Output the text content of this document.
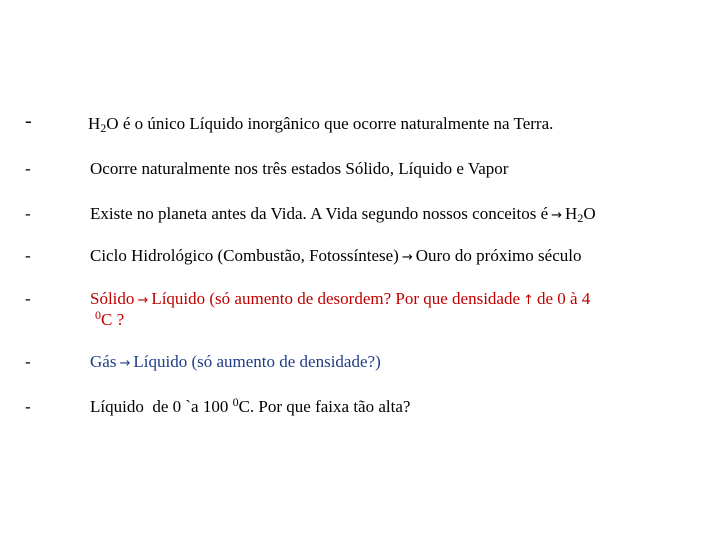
-	$H_2O$ é o único Líquido inorgânico que ocorre naturalmente na Terra.
-	Ocorre naturalmente nos três estados Sólido, Líquido e Vapor
-	Existe no planeta antes da Vida. A Vida segundo nossos conceitos é → $H_2O$
-	Ciclo Hidrológico (Combustão, Fotossíntese) → Ouro do próximo século
-	Sólido → Líquido (só aumento de desordem? Por que densidade ↑ de 0 à 4
$^0$C ?
-	Gás → Líquido (só aumento de densidade?)
-	Líquido  de 0 `a 100 $^0$C. Por que faixa tão alta?
